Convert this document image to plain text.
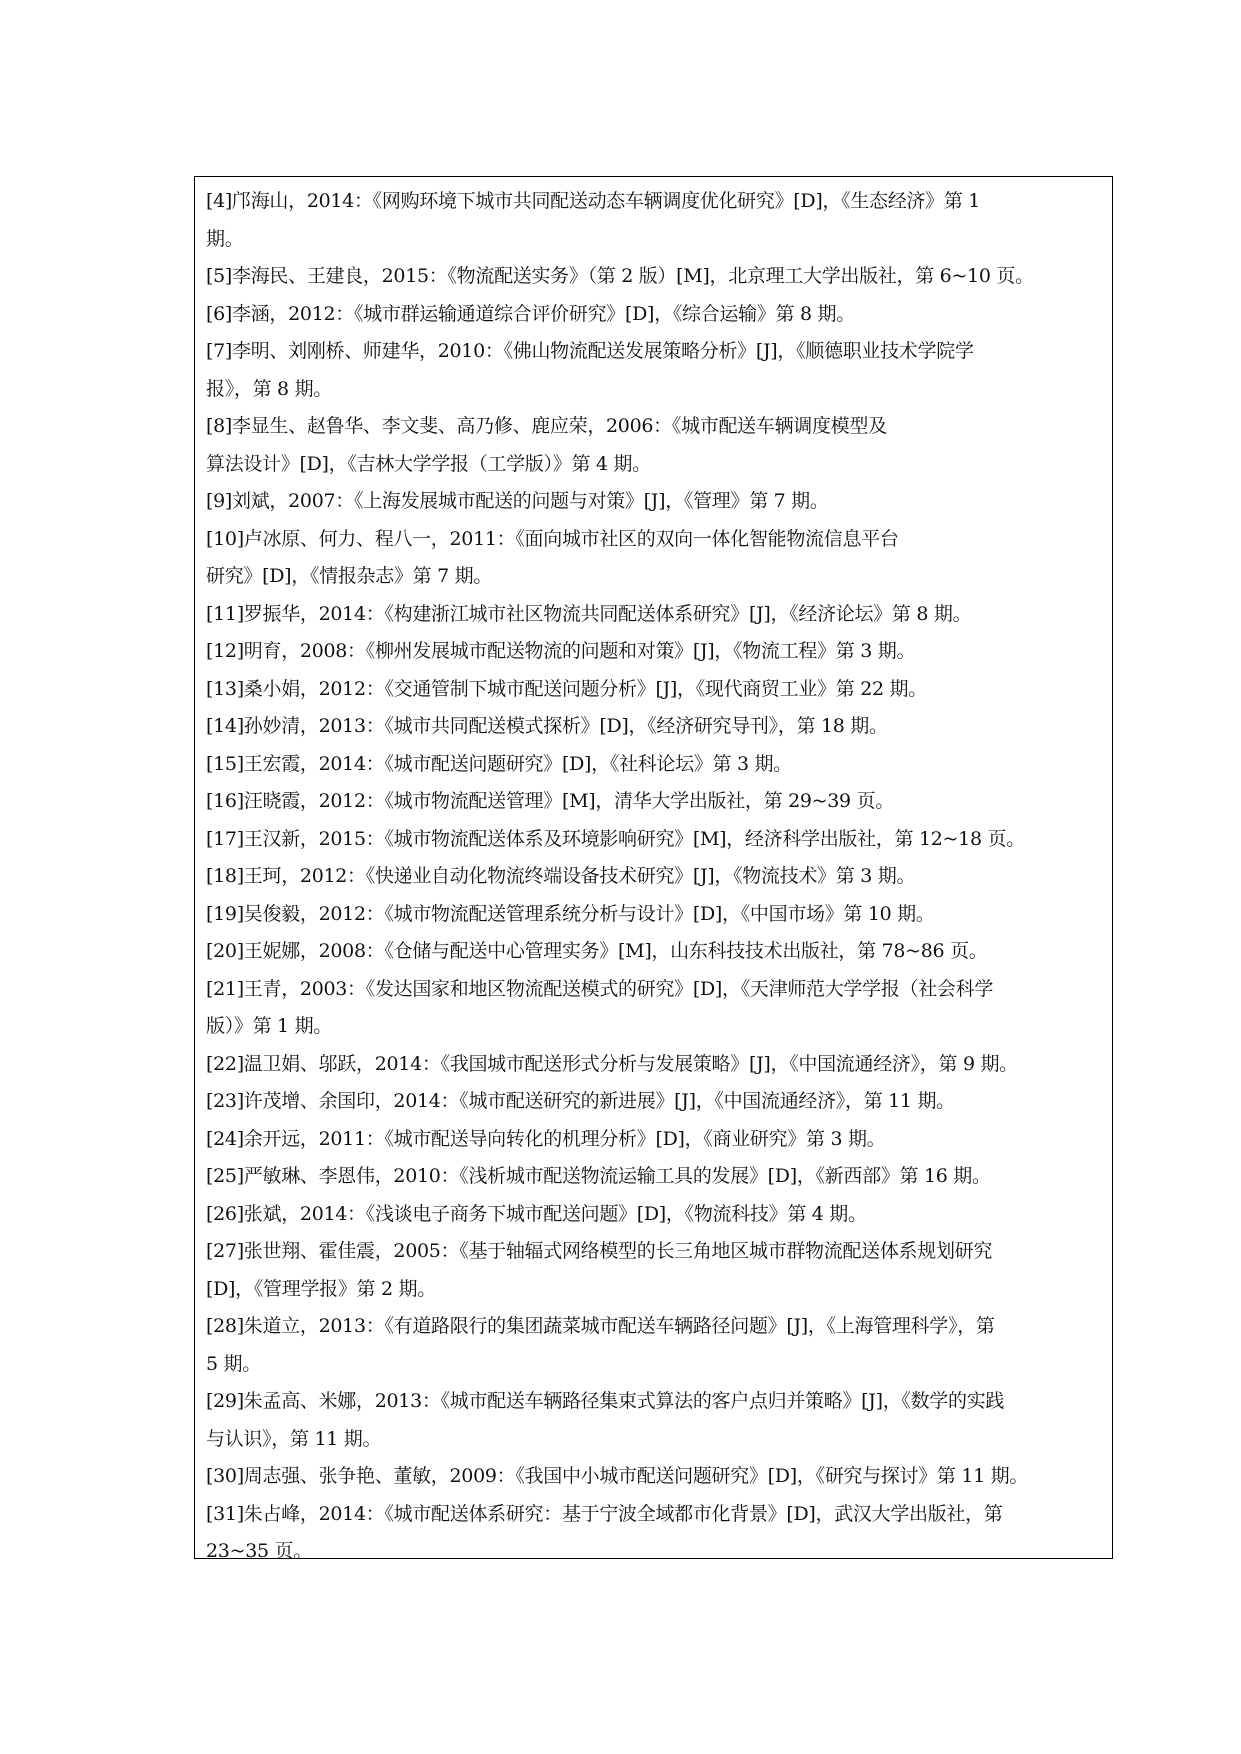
[4]邝海山，2014：《网购环境下城市共同配送动态车辆调度优化研究》[D]，《生态经济》第 1
期。
[5]李海民、王建良，2015：《物流配送实务》（第 2 版）[M]，北京理工大学出版社，第 6~10 页。
[6]李涵，2012：《城市群运输通道综合评价研究》[D]，《综合运输》第 8 期。
[7]李明、刘刚桥、师建华，2010：《佛山物流配送发展策略分析》[J]，《顺德职业技术学院学
报》，第 8 期。
[8]李显生、赵鲁华、李文斐、高乃修、鹿应荣，2006：《城市配送车辆调度模型及
算法设计》[D]，《吉林大学学报（工学版）》第 4 期。
[9]刘斌，2007：《上海发展城市配送的问题与对策》[J]，《管理》第 7 期。
[10]卢冰原、何力、程八一，2011：《面向城市社区的双向一体化智能物流信息平台
研究》[D]，《情报杂志》第 7 期。
[11]罗振华，2014：《构建浙江城市社区物流共同配送体系研究》[J]，《经济论坛》第 8 期。
[12]明育，2008：《柳州发展城市配送物流的问题和对策》[J]，《物流工程》第 3 期。
[13]桑小娟，2012：《交通管制下城市配送问题分析》[J]，《现代商贸工业》第 22 期。
[14]孙妙清，2013：《城市共同配送模式探析》[D]，《经济研究导刊》，第 18 期。
[15]王宏霞，2014：《城市配送问题研究》[D]，《社科论坛》第 3 期。
[16]汪晓霞，2012：《城市物流配送管理》[M]，清华大学出版社，第 29~39 页。
[17]王汉新，2015：《城市物流配送体系及环境影响研究》[M]，经济科学出版社，第 12~18 页。
[18]王珂，2012：《快递业自动化物流终端设备技术研究》[J]，《物流技术》第 3 期。
[19]吴俊毅，2012：《城市物流配送管理系统分析与设计》[D]，《中国市场》第 10 期。
[20]王妮娜，2008：《仓储与配送中心管理实务》[M]，山东科技技术出版社，第 78~86 页。
[21]王青，2003：《发达国家和地区物流配送模式的研究》[D]，《天津师范大学学报（社会科学
版）》第 1 期。
[22]温卫娟、邬跃，2014：《我国城市配送形式分析与发展策略》[J]，《中国流通经济》，第 9 期。
[23]许茂增、余国印，2014：《城市配送研究的新进展》[J]，《中国流通经济》，第 11 期。
[24]余开远，2011：《城市配送导向转化的机理分析》[D]，《商业研究》第 3 期。
[25]严敏琳、李恩伟，2010：《浅析城市配送物流运输工具的发展》[D]，《新西部》第 16 期。
[26]张斌，2014：《浅谈电子商务下城市配送问题》[D]，《物流科技》第 4 期。
[27]张世翔、霍佳震，2005：《基于轴辐式网络模型的长三角地区城市群物流配送体系规划研究
[D]，《管理学报》第 2 期。
[28]朱道立，2013：《有道路限行的集团蔬菜城市配送车辆路径问题》[J]，《上海管理科学》，第
5 期。
[29]朱孟高、米娜，2013：《城市配送车辆路径集束式算法的客户点归并策略》[J]，《数学的实践
与认识》，第 11 期。
[30]周志强、张争艳、董敏，2009：《我国中小城市配送问题研究》[D]，《研究与探讨》第 11 期。
[31]朱占峰，2014：《城市配送体系研究：基于宁波全域都市化背景》[D]，武汉大学出版社，第
23~35 页。
